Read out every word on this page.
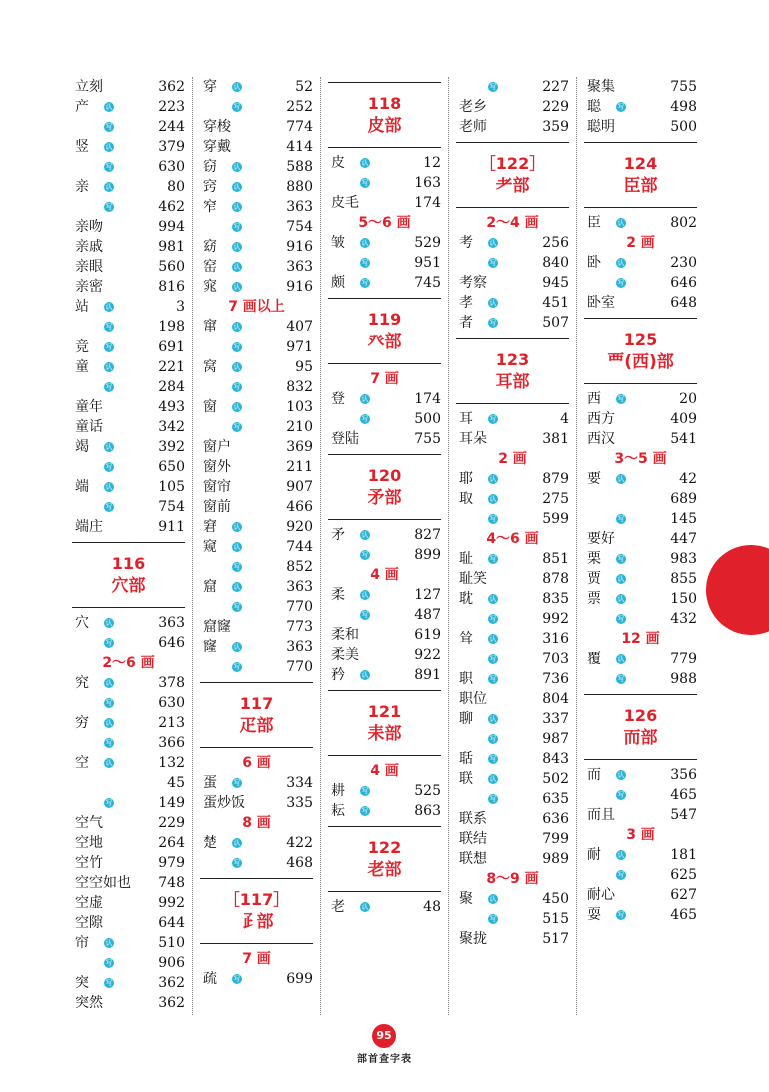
立刻	362
产 认	223
写	244
竖 认	379
写	630
亲 认	80
写	462
亲吻	994
亲戚	981
亲眼	560
亲密	816
站 认	3
写	198
竞 写	691
童 认	221
写	284
童年	493
童话	342
竭 认	392
写	650
端 认	105
写	754
端庄	911
116
穴部
穴 认	363
写	646
2～6 画
究 认	378
写	630
穷 认	213
写	366
空 认	132
45
写	149
空气	229
空地	264
空竹	979
空空如也 748
空虚	992
空隙	644
帘 认	510
写	906
突 写	362
突然	362
穿 认	52
写	252
穿梭	774
穿戴	414
窃 认	588
窍 认	880
窄 认	363
写	754
窈 认	916
窑 认	363
窕 认	916
7 画以上
窜 认	407
写	971
窝 认	95
写	832
窗 认	103
写	210
窗户	369
窗外	211
窗帘	907
窗前	466
窘 认	920
窥 认	744
写	852
窟 认	363
写	770
窟窿	773
窿 认	363
写	770
117
疋部
6 画
蛋 写	334
蛋炒饭	335
8 画
楚 认	422
写	468
［117］
𤴔部
7 画
疏 写	699
118
皮部
皮 认	12
写	163
皮毛	174
5～6 画
皱 认	529
写	951
颇 写	745
119
癶部
7 画
登 认	174
写	500
登陆	755
120
矛部
矛 认	827
写	899
4 画
柔 认	127
写	487
柔和	619
柔美	922
矜 认	891
121
耒部
4 画
耕 写	525
耘 写	863
122
老部
老 认	48
写	227
老乡	229
老师	359
［122］
耂部
2～4 画
考 认	256
写	840
考察	945
孝 认	451
者 写	507
123
耳部
耳 写	4
耳朵	381
2 画
耶 认	879
取 认	275
写	599
4～6 画
耻 写	851
耻笑	878
耽 认	835
写	992
耸 认	316
写	703
职 写	736
职位	804
聊 认	337
写	987
聒 写	843
联 认	502
写	635
联系	636
联结	799
联想	989
8～9 画
聚 认	450
写	515
聚拢	517
聚集	755
聪 写	498
聪明	500
124
臣部
臣 认	802
2 画
卧 认	230
写	646
卧室	648
125
覀(西)部
西 写	20
西方	409
西汉	541
3～5 画
要 认	42
689
写	145
要好	447
栗 写	983
贾 认	855
票 认	150
写	432
12 画
覆 认	779
写	988
126
而部
而 认	356
写	465
而且	547
3 画
耐 认	181
写	625
耐心	627
耍 写	465
95
部首查字表
